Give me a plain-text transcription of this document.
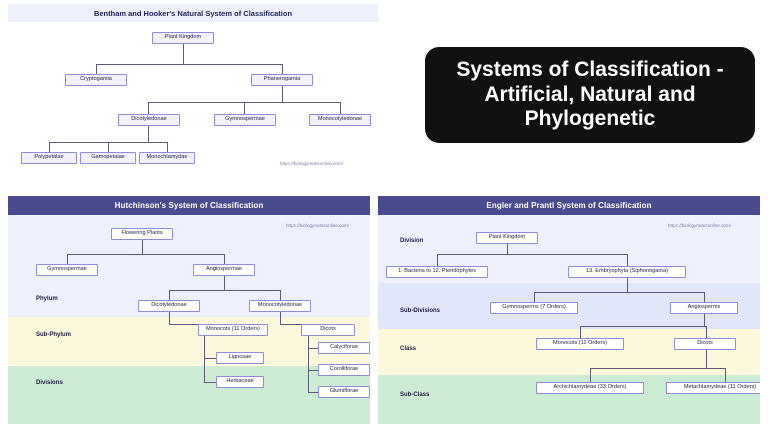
Bentham and Hooker's Natural System of Classification
Plant Kingdom
Cryptogamia	Phanerogamia
Dicotyledonae	Gymnospermae	Monocotyledonae
Polypetalae	Gamopetalae	Monochlamydae
https://biologynotesonline.com/
Systems of Classification - Artificial, Natural and Phylogenetic
Hutchinson's System of Classification
https://biologynotesonline.com/
Phylum
Sub-Phylum
Divisions
Flowering Plants
Gymnospermae	Angiospermae
Dicotyledonae	Monocotyledonae
Monocots (11 Orders)	Dicots
Lignosae
Herbaceae
Calyciforae
Corolliforae
Glumiflorae
Engler and Prantl System of Classification
https://biologynotesonline.com/
Division
Sub-Divisions
Class
Sub-Class
Plant Kingdom
1. Bacteria to 12. Pteridophytes	13. Embryophyta (Siphonogama)
Gymnosperms (7 Orders)	Angiosperms
Monocots (11 Orders)	Dicots
Archichlamydeae (33 Orders)	Metachlamydeae (11 Orders)
